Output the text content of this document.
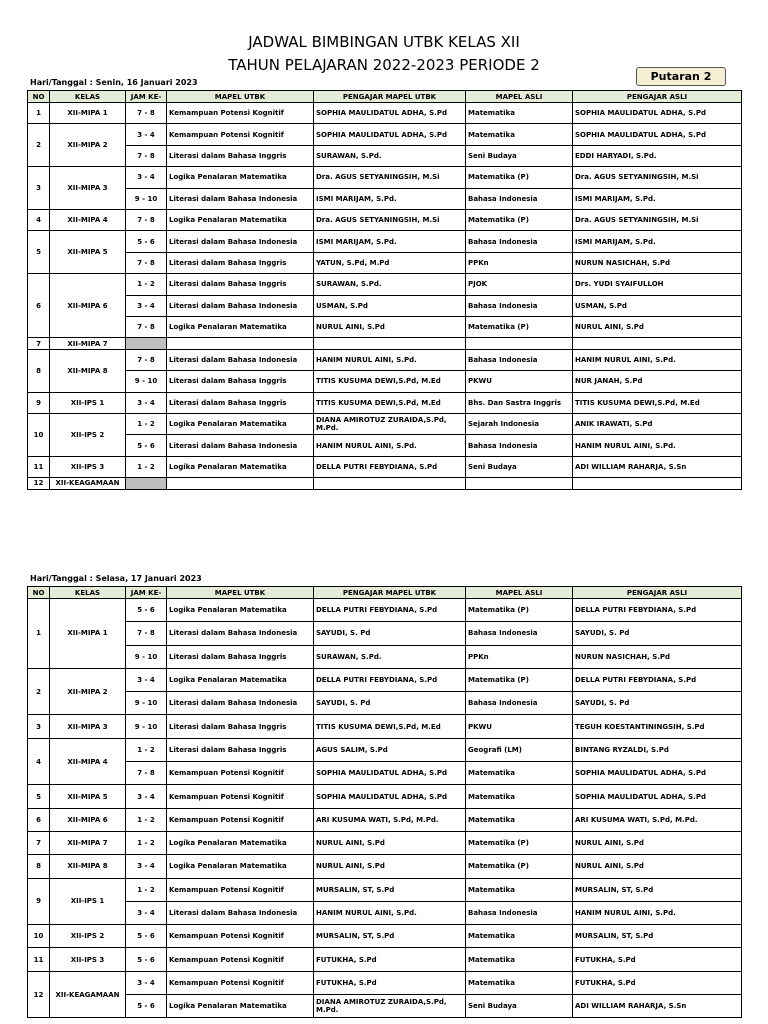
JADWAL BIMBINGAN UTBK KELAS XII
TAHUN PELAJARAN 2022-2023 PERIODE 2
Putaran 2
Hari/Tanggal : Senin, 16 Januari 2023
NO	KELAS	JAM KE-	MAPEL UTBK	PENGAJAR MAPEL UTBK	MAPEL ASLI	PENGAJAR ASLI
1	XII-MIPA 1	7 - 8	Kemampuan Potensi Kognitif	SOPHIA MAULIDATUL ADHA, S.Pd	Matematika	SOPHIA MAULIDATUL ADHA, S.Pd
2	XII-MIPA 2	3 - 4	Kemampuan Potensi Kognitif	SOPHIA MAULIDATUL ADHA, S.Pd	Matematika	SOPHIA MAULIDATUL ADHA, S.Pd
		7 - 8	Literasi dalam Bahasa Inggris	SURAWAN, S.Pd.	Seni Budaya	EDDI HARYADI, S.Pd.
3	XII-MIPA 3	3 - 4	Logika Penalaran Matematika	Dra. AGUS SETYANINGSIH, M.Si	Matematika (P)	Dra. AGUS SETYANINGSIH, M.Si
		9 - 10	Literasi dalam Bahasa Indonesia	ISMI MARIJAM, S.Pd.	Bahasa Indonesia	ISMI MARIJAM, S.Pd.
4	XII-MIPA 4	7 - 8	Logika Penalaran Matematika	Dra. AGUS SETYANINGSIH, M.Si	Matematika (P)	Dra. AGUS SETYANINGSIH, M.Si
5	XII-MIPA 5	5 - 6	Literasi dalam Bahasa Indonesia	ISMI MARIJAM, S.Pd.	Bahasa Indonesia	ISMI MARIJAM, S.Pd.
		7 - 8	Literasi dalam Bahasa Inggris	YATUN, S.Pd, M.Pd	PPKn	NURUN NASICHAH, S.Pd
6	XII-MIPA 6	1 - 2	Literasi dalam Bahasa Inggris	SURAWAN, S.Pd.	PJOK	Drs. YUDI SYAIFULLOH
		3 - 4	Literasi dalam Bahasa Indonesia	USMAN, S.Pd	Bahasa Indonesia	USMAN, S.Pd
		7 - 8	Logika Penalaran Matematika	NURUL AINI, S.Pd	Matematika (P)	NURUL AINI, S.Pd
7	XII-MIPA 7					
8	XII-MIPA 8	7 - 8	Literasi dalam Bahasa Indonesia	HANIM NURUL AINI, S.Pd.	Bahasa Indonesia	HANIM NURUL AINI, S.Pd.
		9 - 10	Literasi dalam Bahasa Inggris	TITIS KUSUMA DEWI,S.Pd, M.Ed	PKWU	NUR JANAH, S.Pd
9	XII-IPS 1	3 - 4	Literasi dalam Bahasa Inggris	TITIS KUSUMA DEWI,S.Pd, M.Ed	Bhs. Dan Sastra Inggris	TITIS KUSUMA DEWI,S.Pd, M.Ed
10	XII-IPS 2	1 - 2	Logika Penalaran Matematika	DIANA AMIROTUZ ZURAIDA,S.Pd, M.Pd.	Sejarah Indonesia	ANIK IRAWATI, S.Pd
		5 - 6	Literasi dalam Bahasa Indonesia	HANIM NURUL AINI, S.Pd.	Bahasa Indonesia	HANIM NURUL AINI, S.Pd.
11	XII-IPS 3	1 - 2	Logika Penalaran Matematika	DELLA PUTRI FEBYDIANA, S.Pd	Seni Budaya	ADI WILLIAM RAHARJA, S.Sn
12	XII-KEAGAMAAN					
Hari/Tanggal : Selasa, 17 Januari 2023
NO	KELAS	JAM KE-	MAPEL UTBK	PENGAJAR MAPEL UTBK	MAPEL ASLI	PENGAJAR ASLI
1	XII-MIPA 1	5 - 6	Logika Penalaran Matematika	DELLA PUTRI FEBYDIANA, S.Pd	Matematika (P)	DELLA PUTRI FEBYDIANA, S.Pd
		7 - 8	Literasi dalam Bahasa Indonesia	SAYUDI, S. Pd	Bahasa Indonesia	SAYUDI, S. Pd
		9 - 10	Literasi dalam Bahasa Inggris	SURAWAN, S.Pd.	PPKn	NURUN NASICHAH, S.Pd
2	XII-MIPA 2	3 - 4	Logika Penalaran Matematika	DELLA PUTRI FEBYDIANA, S.Pd	Matematika (P)	DELLA PUTRI FEBYDIANA, S.Pd
		9 - 10	Literasi dalam Bahasa Indonesia	SAYUDI, S. Pd	Bahasa Indonesia	SAYUDI, S. Pd
3	XII-MIPA 3	9 - 10	Literasi dalam Bahasa Inggris	TITIS KUSUMA DEWI,S.Pd, M.Ed	PKWU	TEGUH KOESTANTININGSIH, S.Pd
4	XII-MIPA 4	1 - 2	Literasi dalam Bahasa Inggris	AGUS SALIM, S.Pd	Geografi (LM)	BINTANG RYZALDI, S.Pd
		7 - 8	Kemampuan Potensi Kognitif	SOPHIA MAULIDATUL ADHA, S.Pd	Matematika	SOPHIA MAULIDATUL ADHA, S.Pd
5	XII-MIPA 5	3 - 4	Kemampuan Potensi Kognitif	SOPHIA MAULIDATUL ADHA, S.Pd	Matematika	SOPHIA MAULIDATUL ADHA, S.Pd
6	XII-MIPA 6	1 - 2	Kemampuan Potensi Kognitif	ARI KUSUMA WATI, S.Pd, M.Pd.	Matematika	ARI KUSUMA WATI, S.Pd, M.Pd.
7	XII-MIPA 7	1 - 2	Logika Penalaran Matematika	NURUL AINI, S.Pd	Matematika (P)	NURUL AINI, S.Pd
8	XII-MIPA 8	3 - 4	Logika Penalaran Matematika	NURUL AINI, S.Pd	Matematika (P)	NURUL AINI, S.Pd
9	XII-IPS 1	1 - 2	Kemampuan Potensi Kognitif	MURSALIN, ST, S.Pd	Matematika	MURSALIN, ST, S.Pd
		3 - 4	Literasi dalam Bahasa Indonesia	HANIM NURUL AINI, S.Pd.	Bahasa Indonesia	HANIM NURUL AINI, S.Pd.
10	XII-IPS 2	5 - 6	Kemampuan Potensi Kognitif	MURSALIN, ST, S.Pd	Matematika	MURSALIN, ST, S.Pd
11	XII-IPS 3	5 - 6	Kemampuan Potensi Kognitif	FUTUKHA, S.Pd	Matematika	FUTUKHA, S.Pd
12	XII-KEAGAMAAN	3 - 4	Kemampuan Potensi Kognitif	FUTUKHA, S.Pd	Matematika	FUTUKHA, S.Pd
		5 - 6	Logika Penalaran Matematika	DIANA AMIROTUZ ZURAIDA,S.Pd, M.Pd.	Seni Budaya	ADI WILLIAM RAHARJA, S.Sn
